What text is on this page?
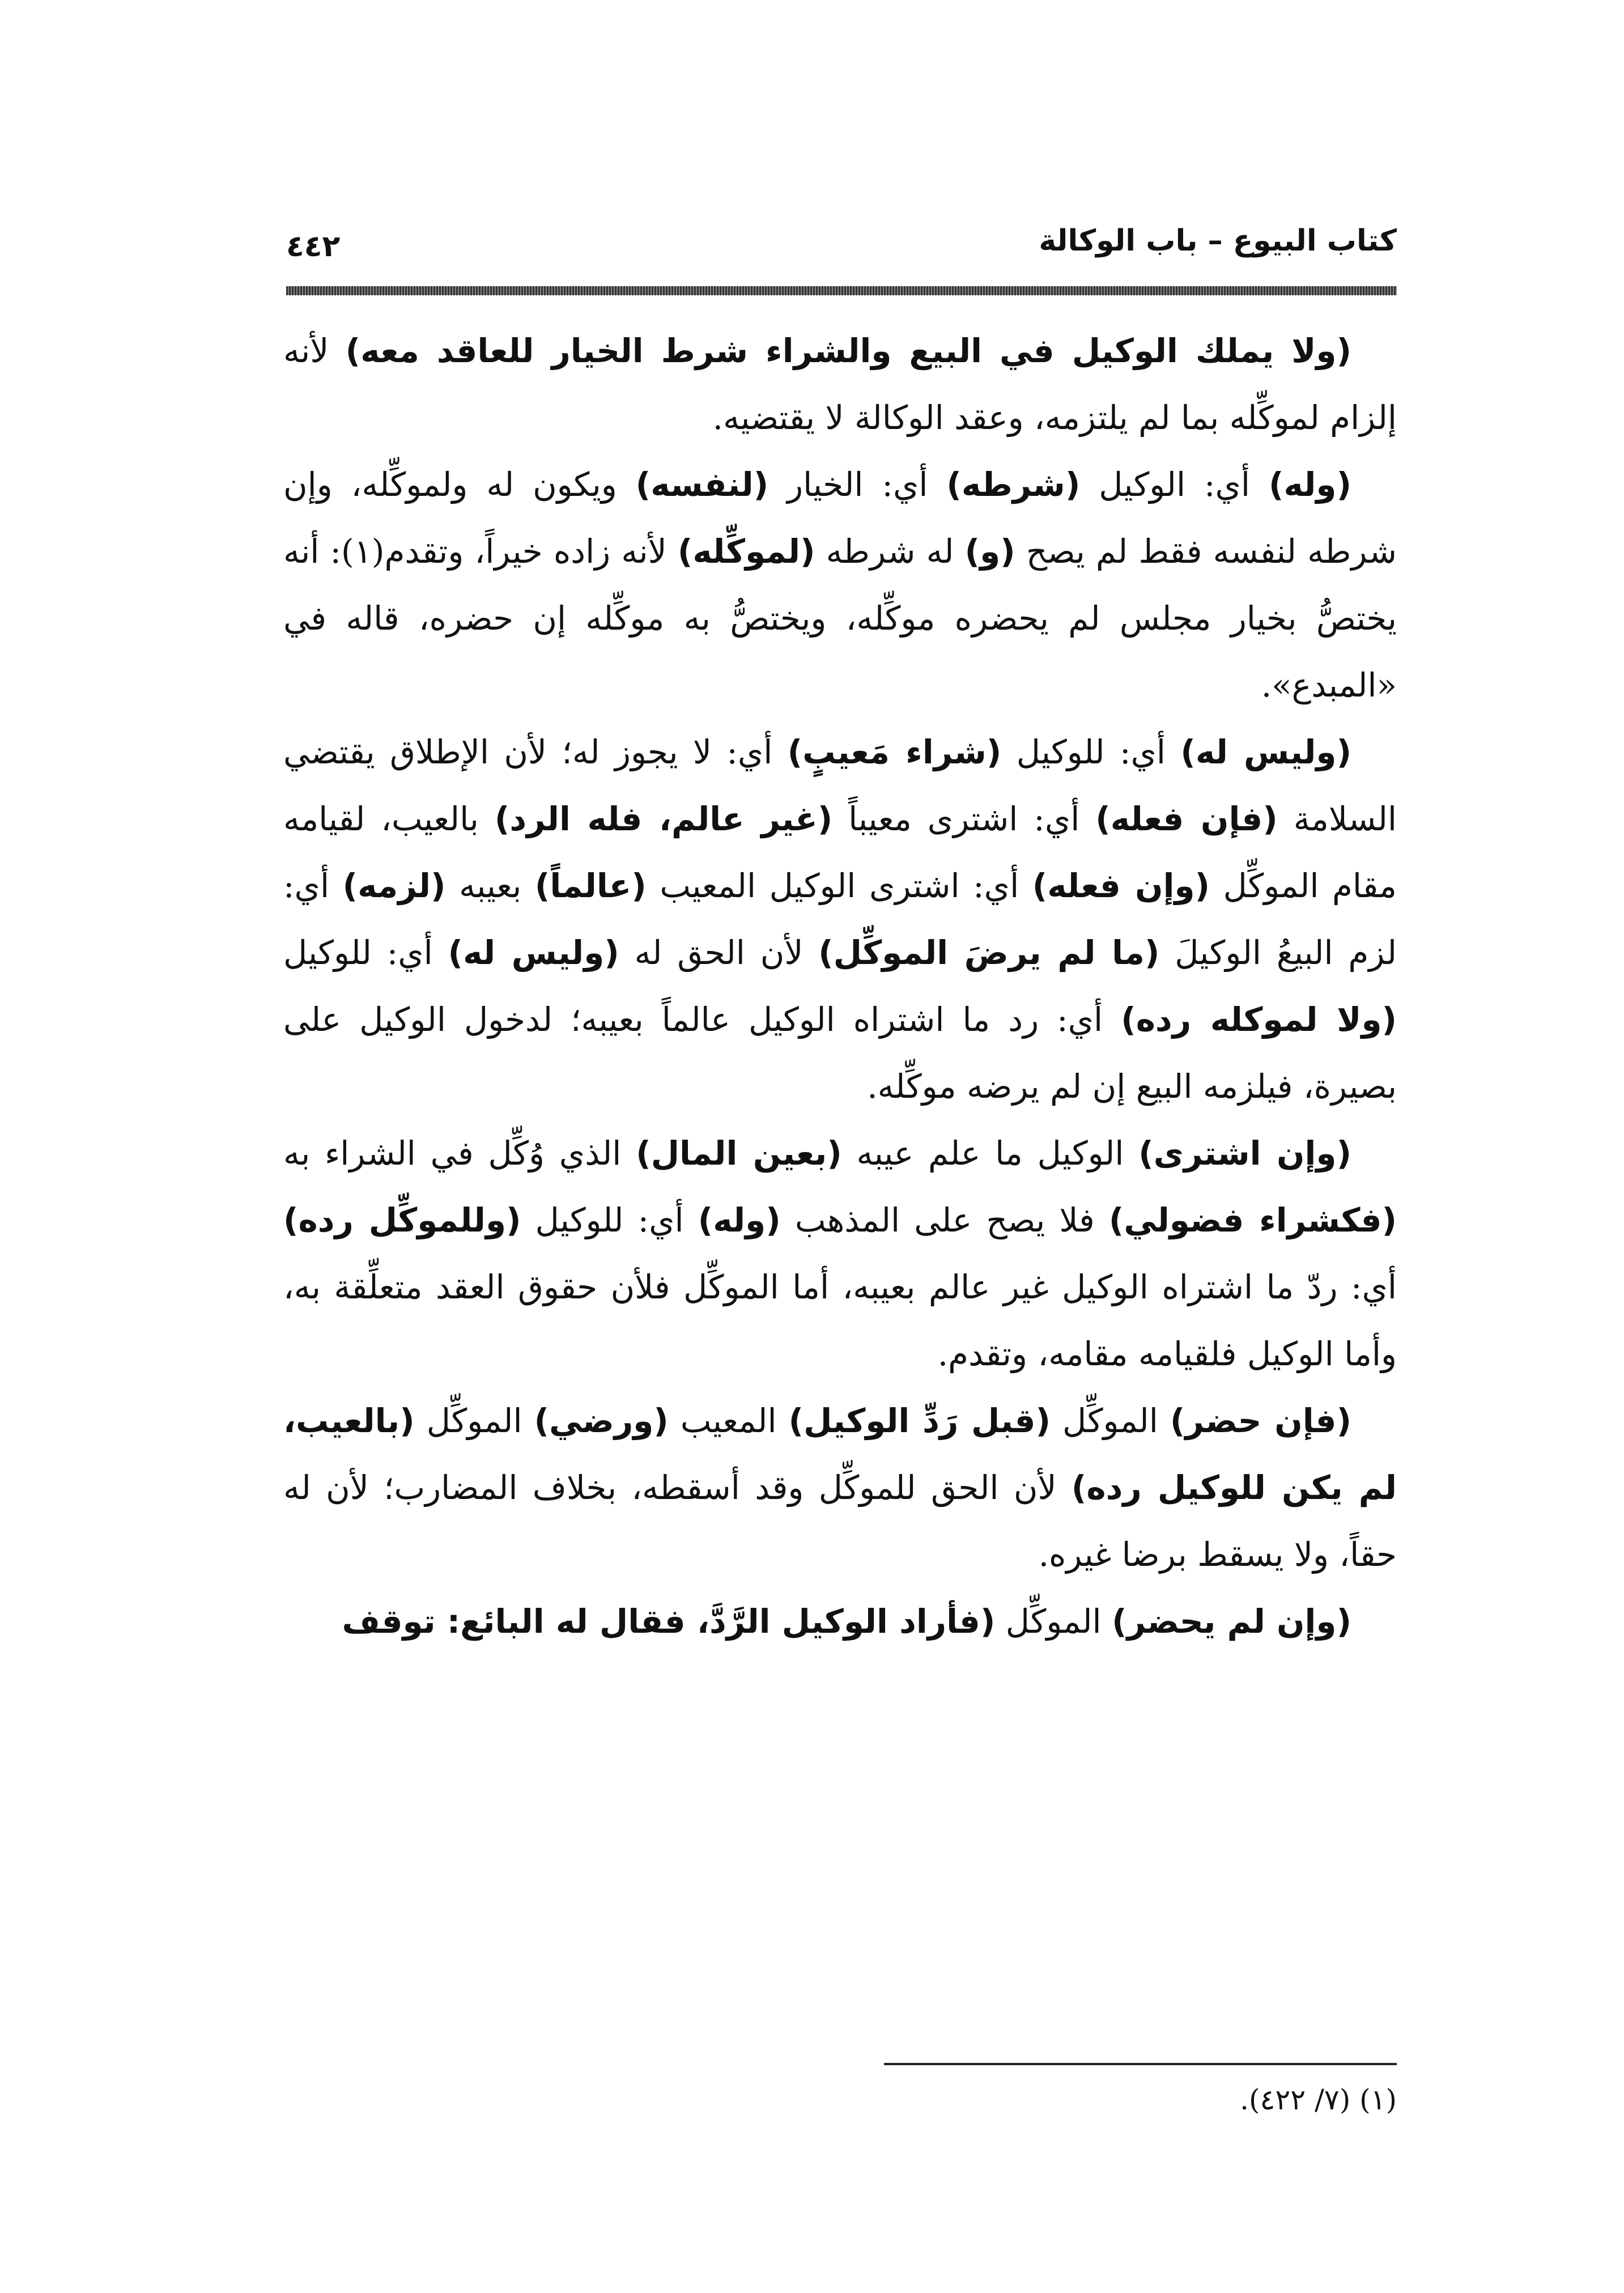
كتاب البيوع – باب الوكالة
٤٤٢

(ولا يملك الوكيل في البيع والشراء شرط الخيار للعاقد معه) لأنه إلزام لموكِّله بما لم يلتزمه، وعقد الوكالة لا يقتضيه.

(وله) أي: الوكيل (شرطه) أي: الخيار (لنفسه) ويكون له ولموكِّله، وإن شرطه لنفسه فقط لم يصح (و) له شرطه (لموكِّله) لأنه زاده خيراً، وتقدم(١): أنه يختصُّ بخيار مجلس لم يحضره موكِّله، ويختصُّ به موكِّله إن حضره، قاله في «المبدع».

(وليس له) أي: للوكيل (شراء مَعيبٍ) أي: لا يجوز له؛ لأن الإطلاق يقتضي السلامة (فإن فعله) أي: اشترى معيباً (غير عالم، فله الرد) بالعيب، لقيامه مقام الموكِّل (وإن فعله) أي: اشترى الوكيل المعيب (عالماً) بعيبه (لزمه) أي: لزم البيعُ الوكيلَ (ما لم يرضَ الموكِّل) لأن الحق له (وليس له) أي: للوكيل (ولا لموكله رده) أي: رد ما اشتراه الوكيل عالماً بعيبه؛ لدخول الوكيل على بصيرة، فيلزمه البيع إن لم يرضه موكِّله.

(وإن اشترى) الوكيل ما علم عيبه (بعين المال) الذي وُكِّل في الشراء به (فكشراء فضولي) فلا يصح على المذهب (وله) أي: للوكيل (وللموكِّل رده) أي: ردّ ما اشتراه الوكيل غير عالم بعيبه، أما الموكِّل فلأن حقوق العقد متعلِّقة به، وأما الوكيل فلقيامه مقامه، وتقدم.

(فإن حضر) الموكِّل (قبل رَدِّ الوكيل) المعيب (ورضي) الموكِّل (بالعيب، لم يكن للوكيل رده) لأن الحق للموكِّل وقد أسقطه، بخلاف المضارب؛ لأن له حقاً، ولا يسقط برضا غيره.

(وإن لم يحضر) الموكِّل (فأراد الوكيل الرَّدَّ، فقال له البائع: توقف

(١) (٧/ ٤٢٢).
